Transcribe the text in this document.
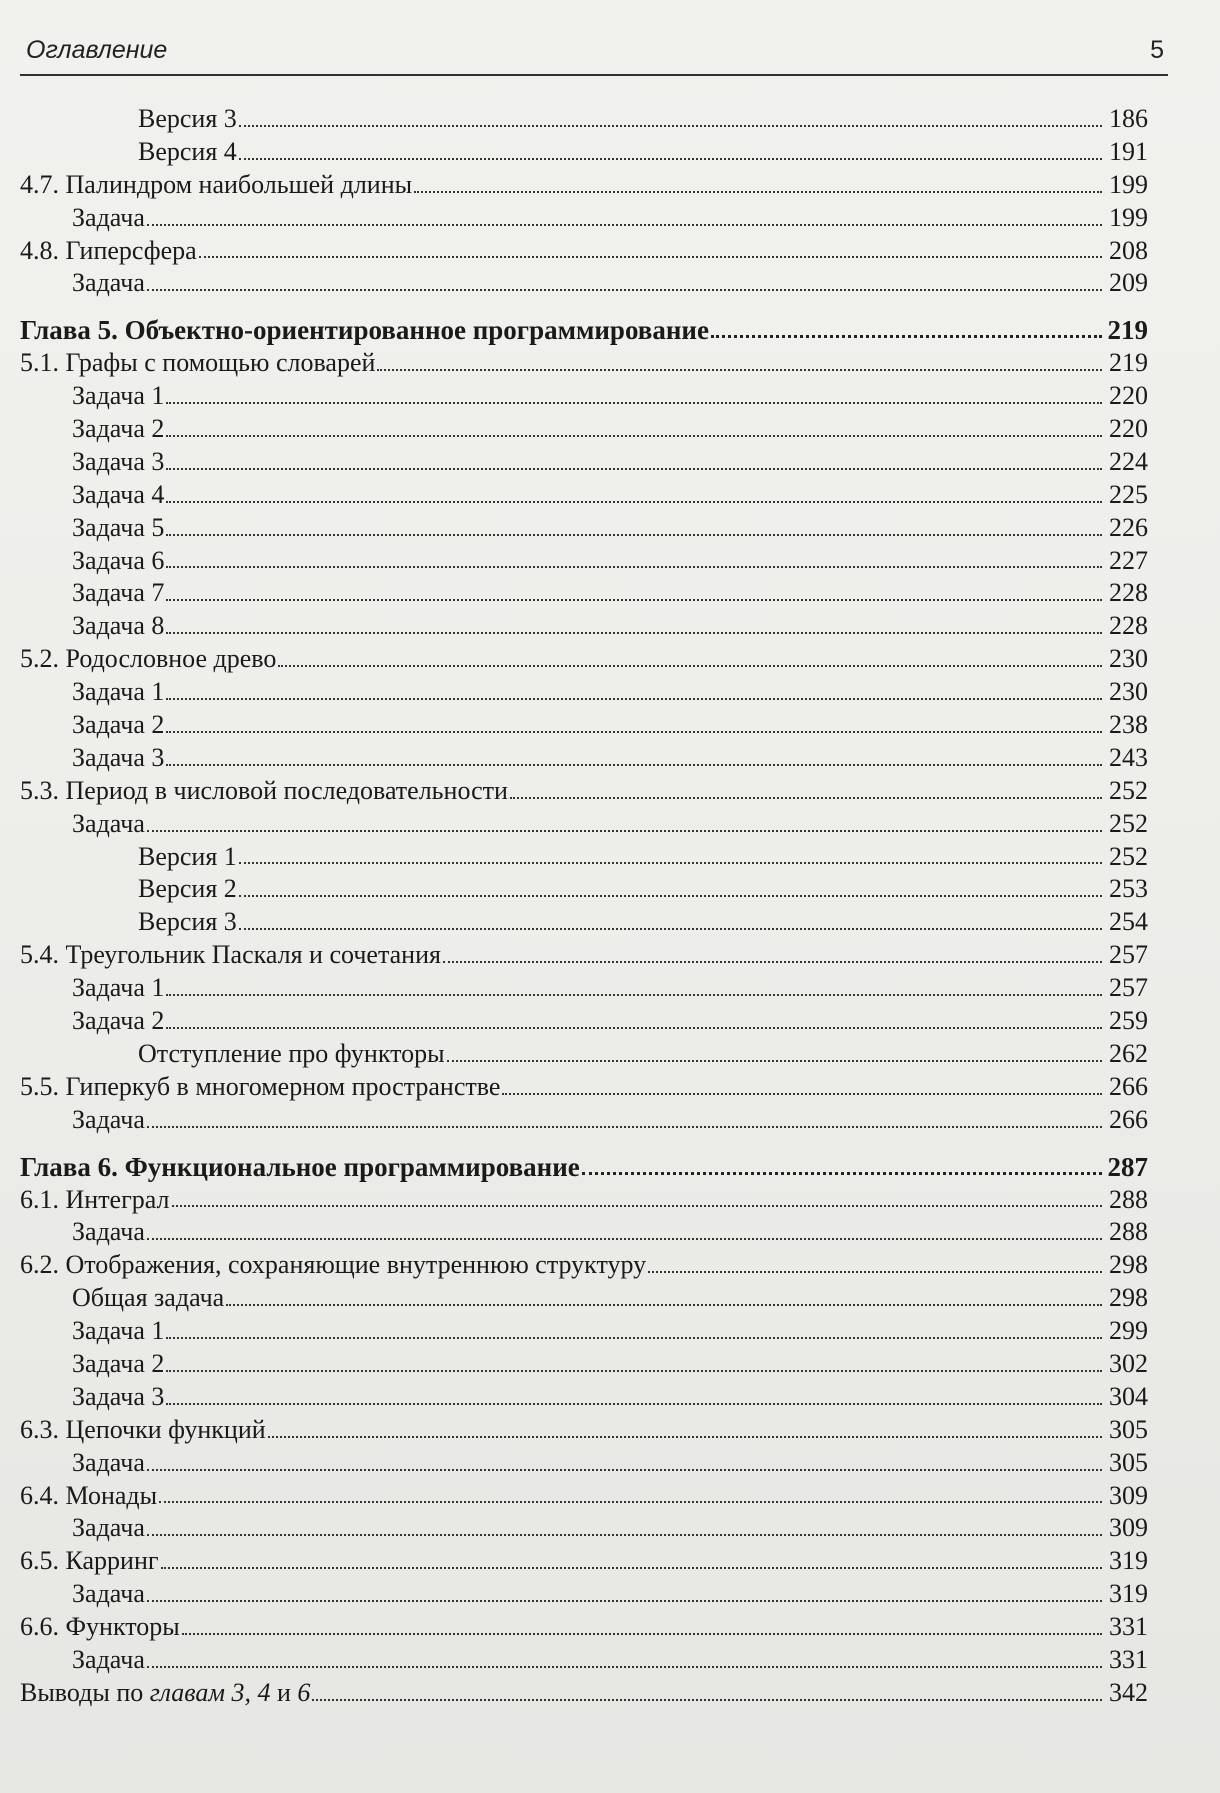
Оглавление	5
Версия 3	186
Версия 4	191
4.7. Палиндром наибольшей длины	199
Задача	199
4.8. Гиперсфера	208
Задача	209
Глава 5. Объектно-ориентированное программирование	219
5.1. Графы с помощью словарей	219
Задача 1	220
Задача 2	220
Задача 3	224
Задача 4	225
Задача 5	226
Задача 6	227
Задача 7	228
Задача 8	228
5.2. Родословное древо	230
Задача 1	230
Задача 2	238
Задача 3	243
5.3. Период в числовой последовательности	252
Задача	252
Версия 1	252
Версия 2	253
Версия 3	254
5.4. Треугольник Паскаля и сочетания	257
Задача 1	257
Задача 2	259
Отступление про функторы	262
5.5. Гиперкуб в многомерном пространстве	266
Задача	266
Глава 6. Функциональное программирование	287
6.1. Интеграл	288
Задача	288
6.2. Отображения, сохраняющие внутреннюю структуру	298
Общая задача	298
Задача 1	299
Задача 2	302
Задача 3	304
6.3. Цепочки функций	305
Задача	305
6.4. Монады	309
Задача	309
6.5. Карринг	319
Задача	319
6.6. Функторы	331
Задача	331
Выводы по главам 3, 4 и 6	342
